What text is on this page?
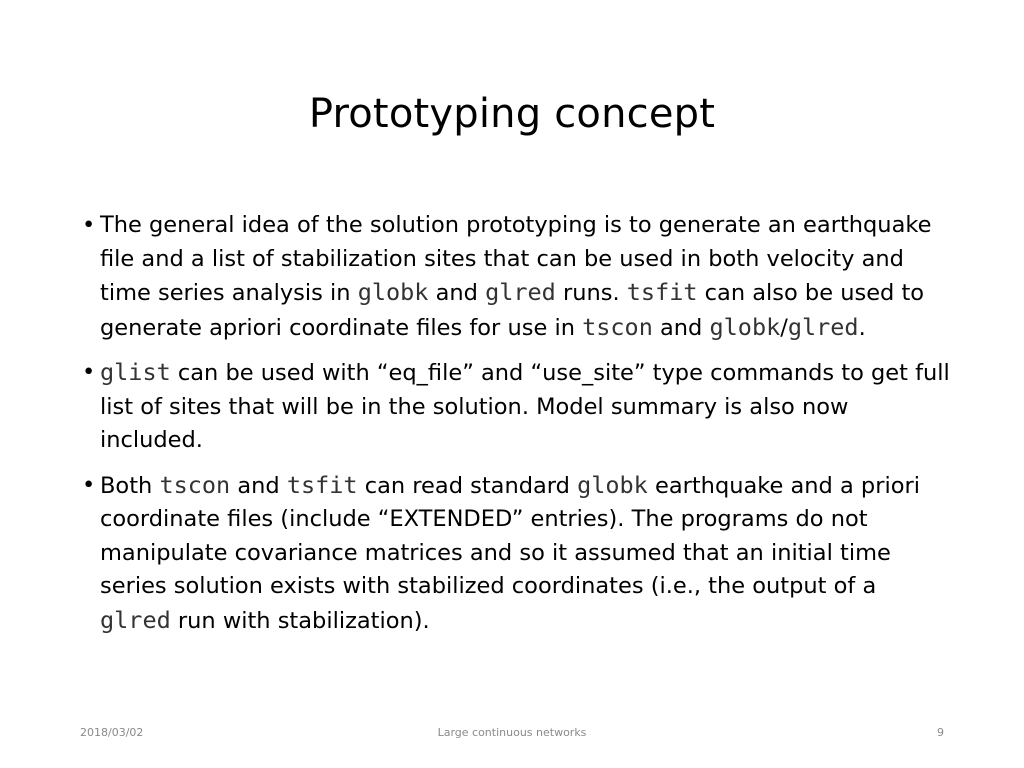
Prototyping concept
• The general idea of the solution prototyping is to generate an earthquake file and a list of stabilization sites that can be used in both velocity and time series analysis in globk and glred runs. tsfit can also be used to generate apriori coordinate files for use in tscon and globk/glred.
• glist can be used with “eq_file” and “use_site” type commands to get full list of sites that will be in the solution. Model summary is also now included.
• Both tscon and tsfit can read standard globk earthquake and a priori coordinate files (include “EXTENDED” entries). The programs do not manipulate covariance matrices and so it assumed that an initial time series solution exists with stabilized coordinates (i.e., the output of a glred run with stabilization).
2018/03/02	Large continuous networks	9
